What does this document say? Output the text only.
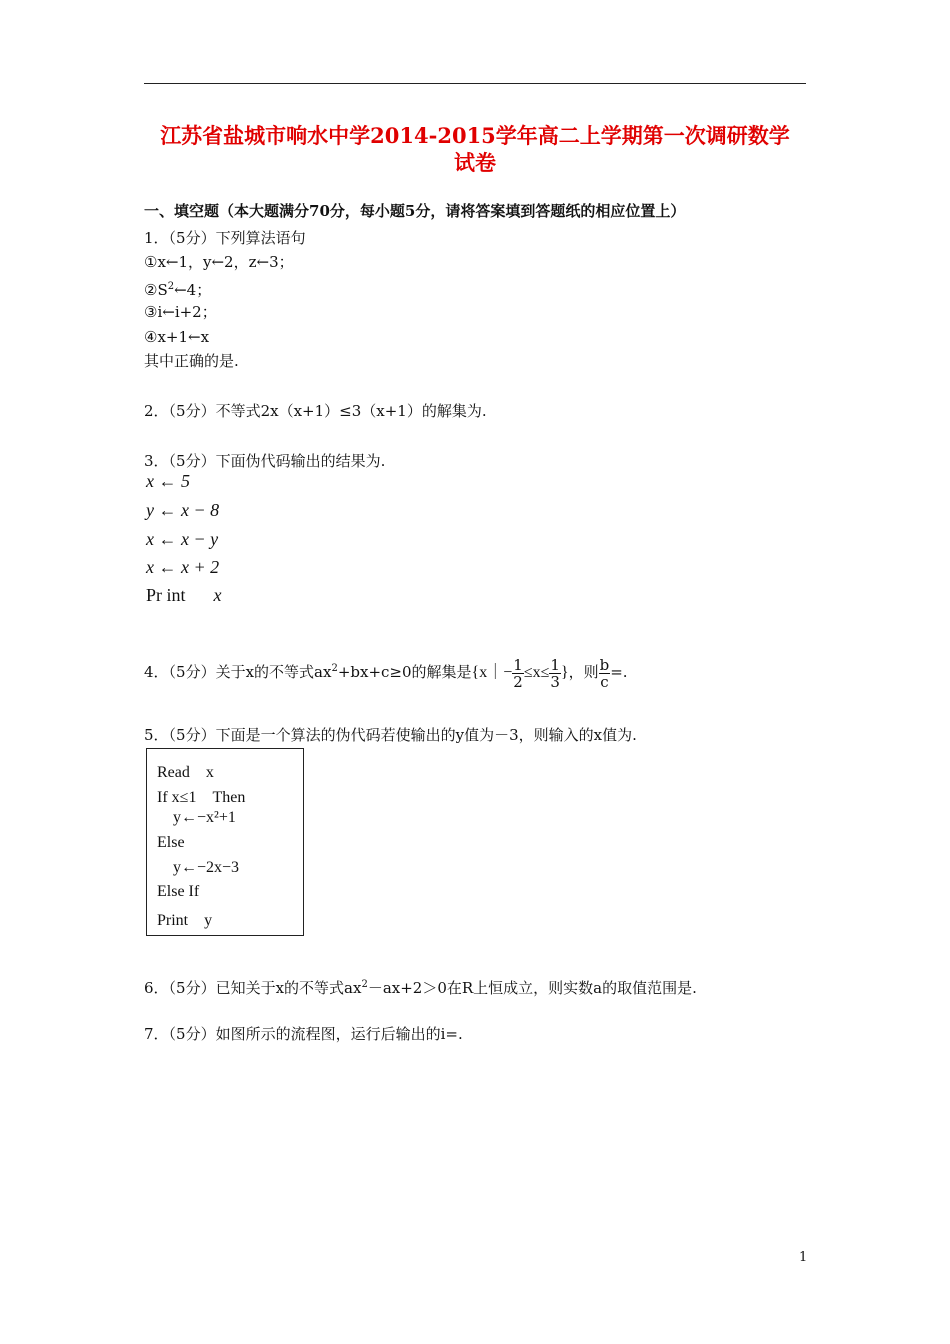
江苏省盐城市响水中学2014-2015学年高二上学期第一次调研数学
试卷
一、填空题（本大题满分70分，每小题5分，请将答案填到答题纸的相应位置上）
1．（5分）下列算法语句
①x←1，y←2，z←3；
$②S^2\leftarrow 4$；
③i←i+2；
④x+1←x
其中正确的是.
2．（5分）不等式2x（x+1）≤3（x+1）的解集为.
3．（5分）下面伪代码输出的结果为.
x ← 5
y ← x − 8
x ← x − y
x ← x + 2
Pr int x
4．（5分）关于x的不等式$ax^2+bx+c\ge 0$的解集是{x｜− $\frac{1}{2} \le x\le \frac{1}{3}$ }，则 $\frac{b}{c}$ =.
5．（5分）下面是一个算法的伪代码若使输出的y值为－3，则输入的x值为.
Read　x
If x≤1　Then
y←−x²+1
Else
y←−2x−3
Else If
Print　y
6．（5分）已知关于x的不等式$ax^2-ax+2>0$在R上恒成立，则实数a的取值范围是.
7．（5分）如图所示的流程图，运行后输出的i=.
1
